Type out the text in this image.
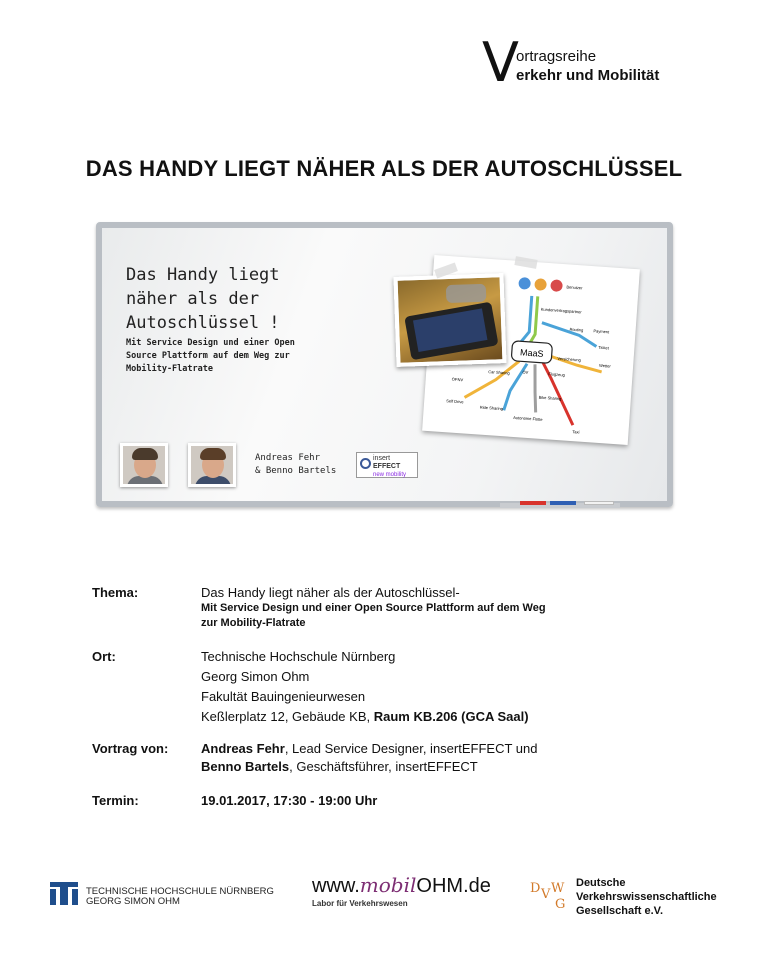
V
ortragsreihe
erkehr und Mobilität
DAS HANDY LIEGT NÄHER ALS DER AUTOSCHLÜSSEL
Das Handy liegt
näher als der
Autoschlüssel !
Mit Service Design und einer Open
Source Plattform auf dem Weg zur
Mobility-Flatrate
Andreas Fehr
& Benno Bartels
insert
EFFECT
new mobility
MaaS
Benutzer
Kundenvertragspartner
Routing Payment
Ticket
Wetter
Versicherung
Flugzeug
ÖV
Car Sharing
ÖPNV
Self Drive
Ride Sharing
Autonome Flotte
Bike Sharing
Taxi
Thema:	Das Handy liegt näher als der Autoschlüssel-
Mit Service Design und einer Open Source Plattform auf dem Weg
zur Mobility-Flatrate
Ort:	Technische Hochschule Nürnberg
Georg Simon Ohm
Fakultät Bauingenieurwesen
Keßlerplatz 12, Gebäude KB, Raum KB.206 (GCA Saal)
Vortrag von:	Andreas Fehr, Lead Service Designer, insertEFFECT und
Benno Bartels, Geschäftsführer, insertEFFECT
Termin:	19.01.2017, 17:30 - 19:00 Uhr
TECHNISCHE HOCHSCHULE NÜRNBERG
GEORG SIMON OHM
www.mobilOHM.de
Labor für Verkehrswesen
D V W
G
Deutsche
Verkehrswissenschaftliche
Gesellschaft e.V.
